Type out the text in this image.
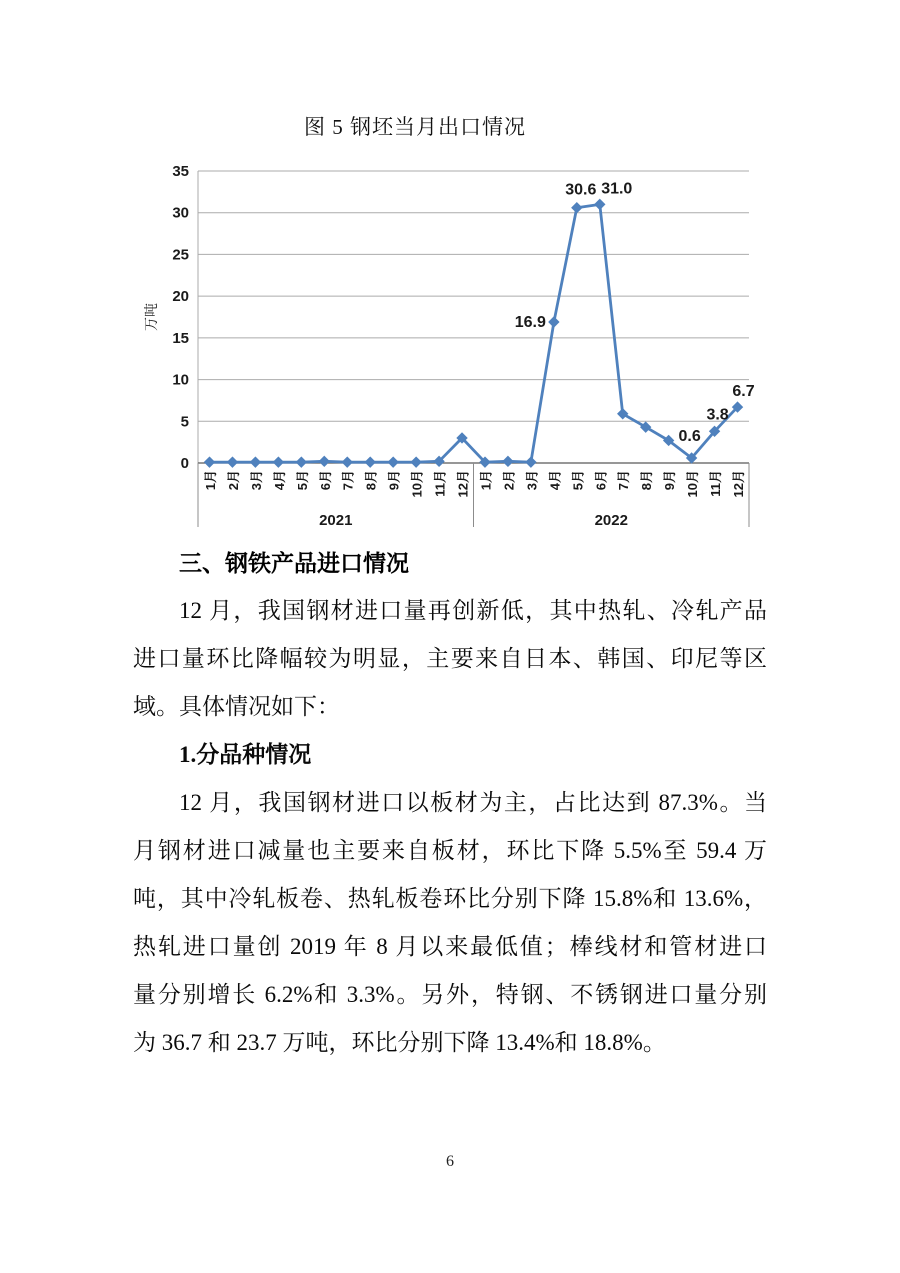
图 5 钢坯当月出口情况
0
5
10
15
20
25
30
35
万吨
1月 2月 3月 4月 5月 6月 7月 8月 9月 10月 11月 12月 1月 2月 3月 4月 5月 6月 7月 8月 9月 10月 11月 12月
2021	2022
16.9
30.6 31.0
0.6
3.8
6.7
三、钢铁产品进口情况
12 月，我国钢材进口量再创新低，其中热轧、冷轧产品
进口量环比降幅较为明显，主要来自日本、韩国、印尼等区
域。具体情况如下：
1.分品种情况
12 月，我国钢材进口以板材为主，占比达到 87.3%。当
月钢材进口减量也主要来自板材，环比下降 5.5%至 59.4 万
吨，其中冷轧板卷、热轧板卷环比分别下降 15.8%和 13.6%，
热轧进口量创 2019 年 8 月以来最低值；棒线材和管材进口
量分别增长 6.2%和 3.3%。另外，特钢、不锈钢进口量分别
为 36.7 和 23.7 万吨，环比分别下降 13.4%和 18.8%。
6
